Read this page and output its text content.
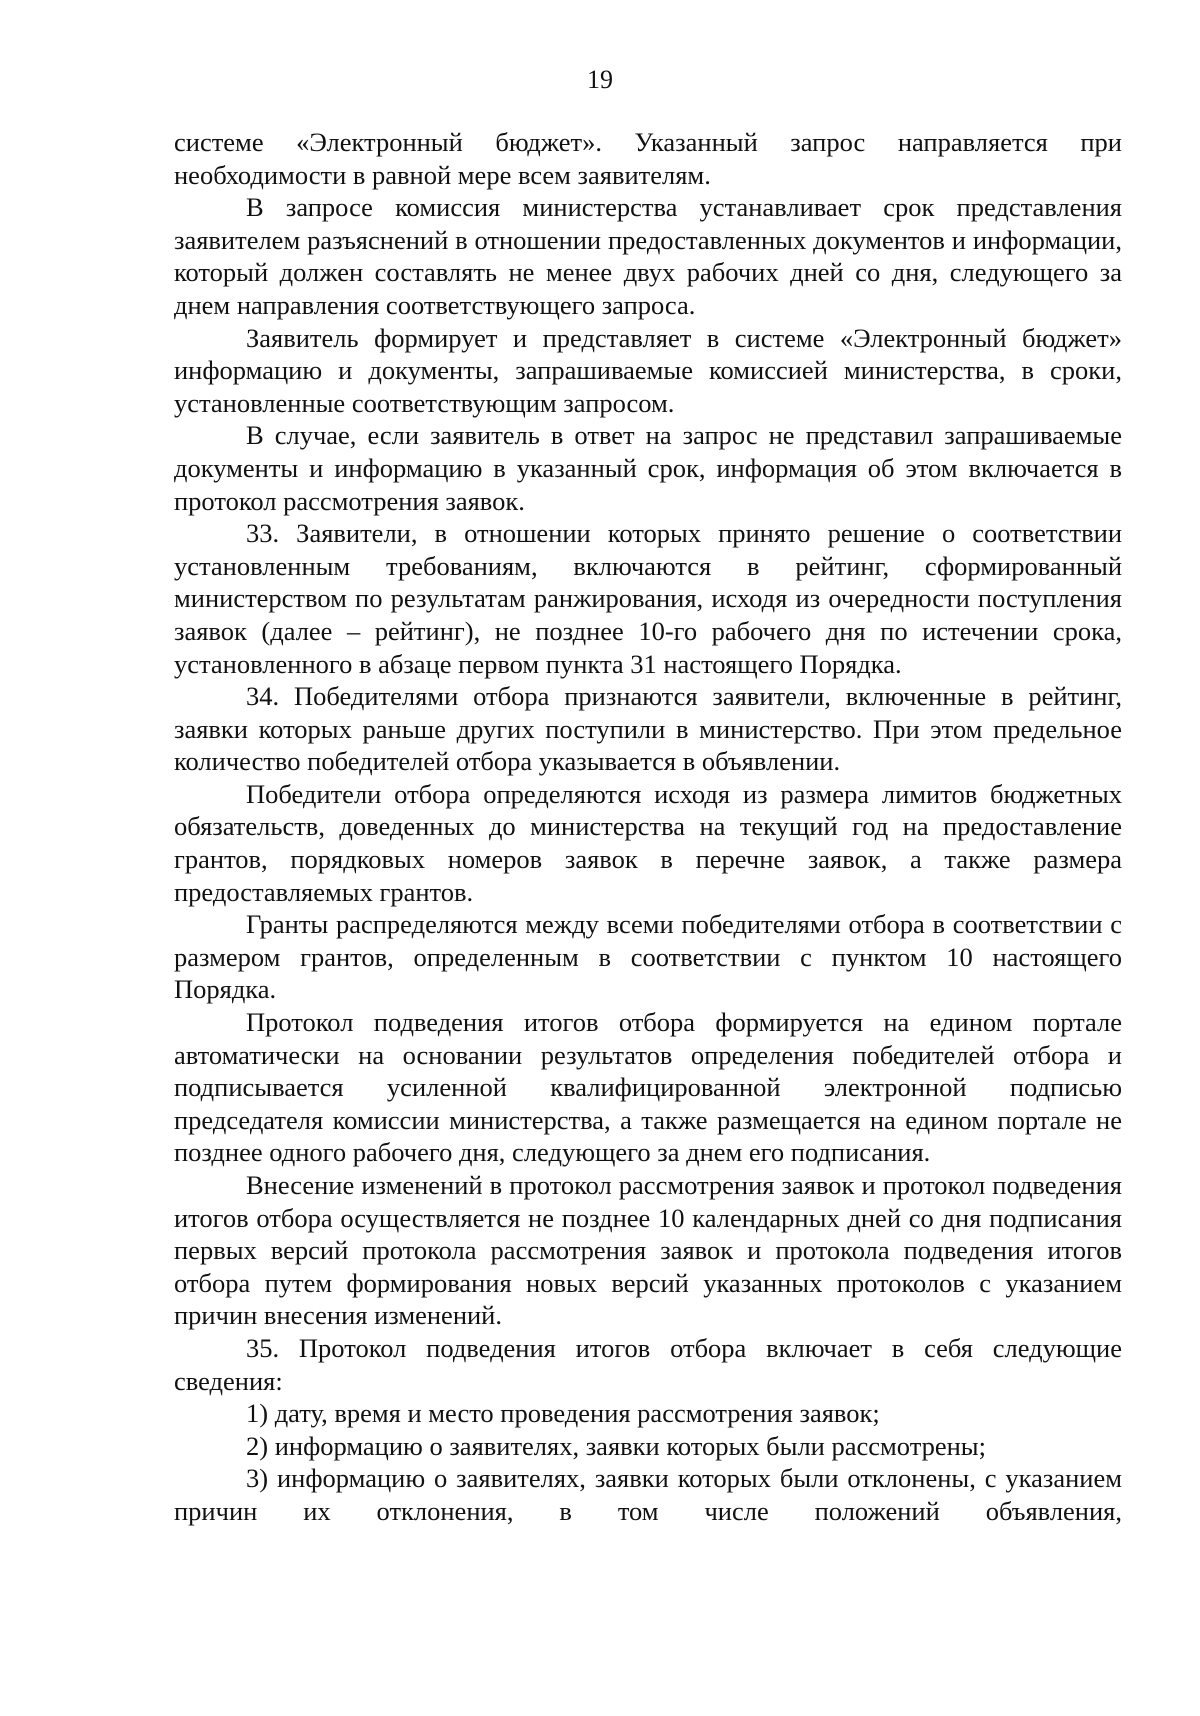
19

системе «Электронный бюджет». Указанный запрос направляется при необходимости в равной мере всем заявителям.

В запросе комиссия министерства устанавливает срок представления заявителем разъяснений в отношении предоставленных документов и информации, который должен составлять не менее двух рабочих дней со дня, следующего за днем направления соответствующего запроса.

Заявитель формирует и представляет в системе «Электронный бюджет» информацию и документы, запрашиваемые комиссией министерства, в сроки, установленные соответствующим запросом.

В случае, если заявитель в ответ на запрос не представил запрашиваемые документы и информацию в указанный срок, информация об этом включается в протокол рассмотрения заявок.

33. Заявители, в отношении которых принято решение о соответствии установленным требованиям, включаются в рейтинг, сформированный министерством по результатам ранжирования, исходя из очередности поступления заявок (далее – рейтинг), не позднее 10-го рабочего дня по истечении срока, установленного в абзаце первом пункта 31 настоящего Порядка.

34. Победителями отбора признаются заявители, включенные в рейтинг, заявки которых раньше других поступили в министерство. При этом предельное количество победителей отбора указывается в объявлении.

Победители отбора определяются исходя из размера лимитов бюджетных обязательств, доведенных до министерства на текущий год на предоставление грантов, порядковых номеров заявок в перечне заявок, а также размера предоставляемых грантов.

Гранты распределяются между всеми победителями отбора в соответствии с размером грантов, определенным в соответствии с пунктом 10 настоящего Порядка.

Протокол подведения итогов отбора формируется на едином портале автоматически на основании результатов определения победителей отбора и подписывается усиленной квалифицированной электронной подписью председателя комиссии министерства, а также размещается на едином портале не позднее одного рабочего дня, следующего за днем его подписания.

Внесение изменений в протокол рассмотрения заявок и протокол подведения итогов отбора осуществляется не позднее 10 календарных дней со дня подписания первых версий протокола рассмотрения заявок и протокола подведения итогов отбора путем формирования новых версий указанных протоколов с указанием причин внесения изменений.

35. Протокол подведения итогов отбора включает в себя следующие сведения:

1) дату, время и место проведения рассмотрения заявок;

2) информацию о заявителях, заявки которых были рассмотрены;

3) информацию о заявителях, заявки которых были отклонены, с указанием причин их отклонения, в том числе положений объявления,
